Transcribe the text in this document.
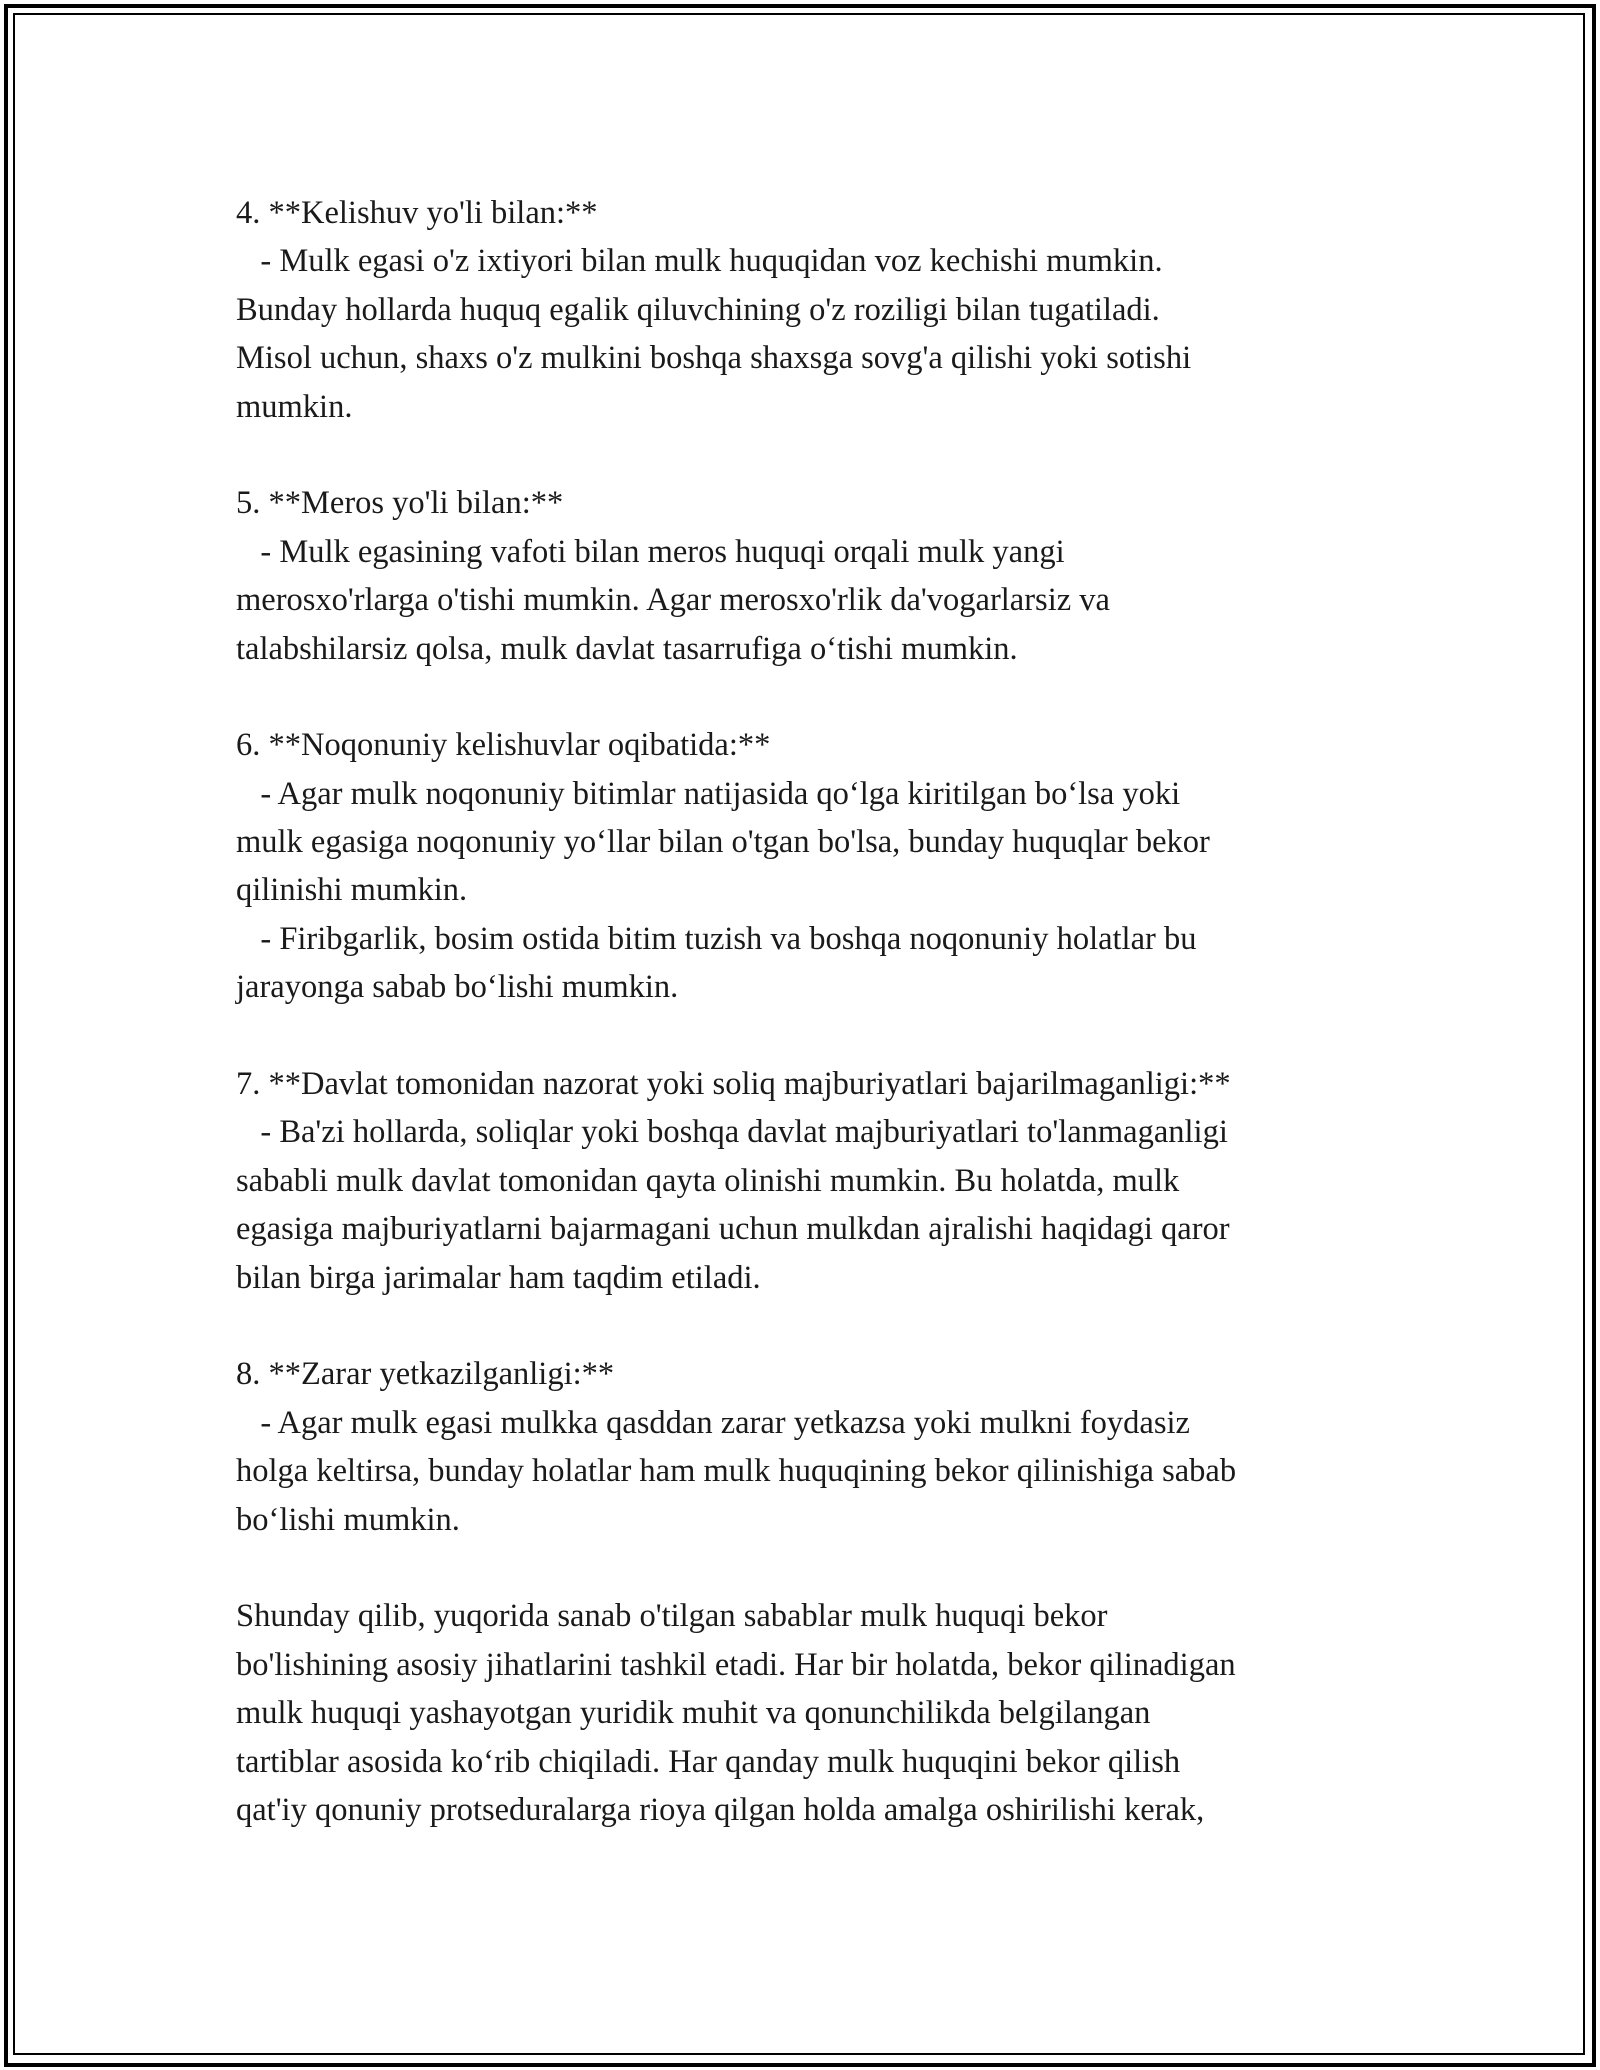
4. **Kelishuv yo'li bilan:**
- Mulk egasi o'z ixtiyori bilan mulk huquqidan voz kechishi mumkin.
Bunday hollarda huquq egalik qiluvchining o'z roziligi bilan tugatiladi.
Misol uchun, shaxs o'z mulkini boshqa shaxsga sovg'a qilishi yoki sotishi
mumkin.
5. **Meros yo'li bilan:**
- Mulk egasining vafoti bilan meros huquqi orqali mulk yangi
merosxo'rlarga o'tishi mumkin. Agar merosxo'rlik da'vogarlarsiz va
talabshilarsiz qolsa, mulk davlat tasarrufiga o‘tishi mumkin.
6. **Noqonuniy kelishuvlar oqibatida:**
- Agar mulk noqonuniy bitimlar natijasida qo‘lga kiritilgan bo‘lsa yoki
mulk egasiga noqonuniy yo‘llar bilan o'tgan bo'lsa, bunday huquqlar bekor
qilinishi mumkin.
- Firibgarlik, bosim ostida bitim tuzish va boshqa noqonuniy holatlar bu
jarayonga sabab bo‘lishi mumkin.
7. **Davlat tomonidan nazorat yoki soliq majburiyatlari bajarilmaganligi:**
- Ba'zi hollarda, soliqlar yoki boshqa davlat majburiyatlari to'lanmaganligi
sababli mulk davlat tomonidan qayta olinishi mumkin. Bu holatda, mulk
egasiga majburiyatlarni bajarmagani uchun mulkdan ajralishi haqidagi qaror
bilan birga jarimalar ham taqdim etiladi.
8. **Zarar yetkazilganligi:**
- Agar mulk egasi mulkka qasddan zarar yetkazsa yoki mulkni foydasiz
holga keltirsa, bunday holatlar ham mulk huquqining bekor qilinishiga sabab
bo‘lishi mumkin.
Shunday qilib, yuqorida sanab o'tilgan sabablar mulk huquqi bekor
bo'lishining asosiy jihatlarini tashkil etadi. Har bir holatda, bekor qilinadigan
mulk huquqi yashayotgan yuridik muhit va qonunchilikda belgilangan
tartiblar asosida ko‘rib chiqiladi. Har qanday mulk huquqini bekor qilish
qat'iy qonuniy protseduralarga rioya qilgan holda amalga oshirilishi kerak,
